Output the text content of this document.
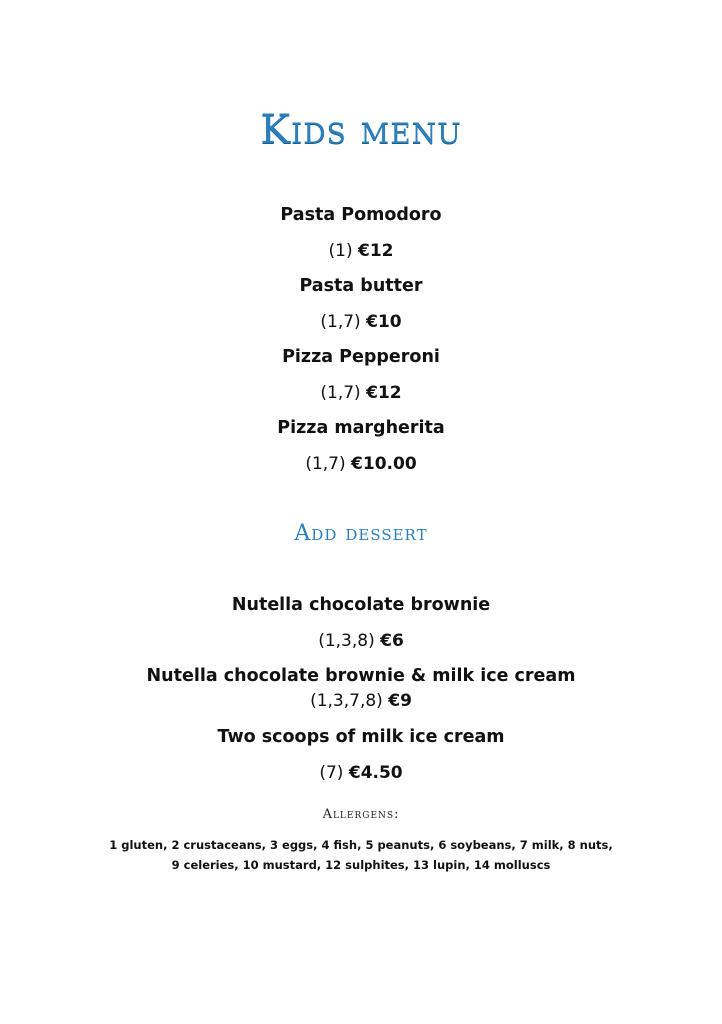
Kids menu
Pasta Pomodoro
(1) €12
Pasta butter
(1,7) €10
Pizza Pepperoni
(1,7) €12
Pizza margherita
(1,7) €10.00
Add dessert
Nutella chocolate brownie
(1,3,8) €6
Nutella chocolate brownie & milk ice cream
(1,3,7,8) €9
Two scoops of milk ice cream
(7) €4.50
Allergens:
1 gluten, 2 crustaceans, 3 eggs, 4 fish, 5 peanuts, 6 soybeans, 7 milk, 8 nuts,
9 celeries, 10 mustard, 12 sulphites, 13 lupin, 14 molluscs
